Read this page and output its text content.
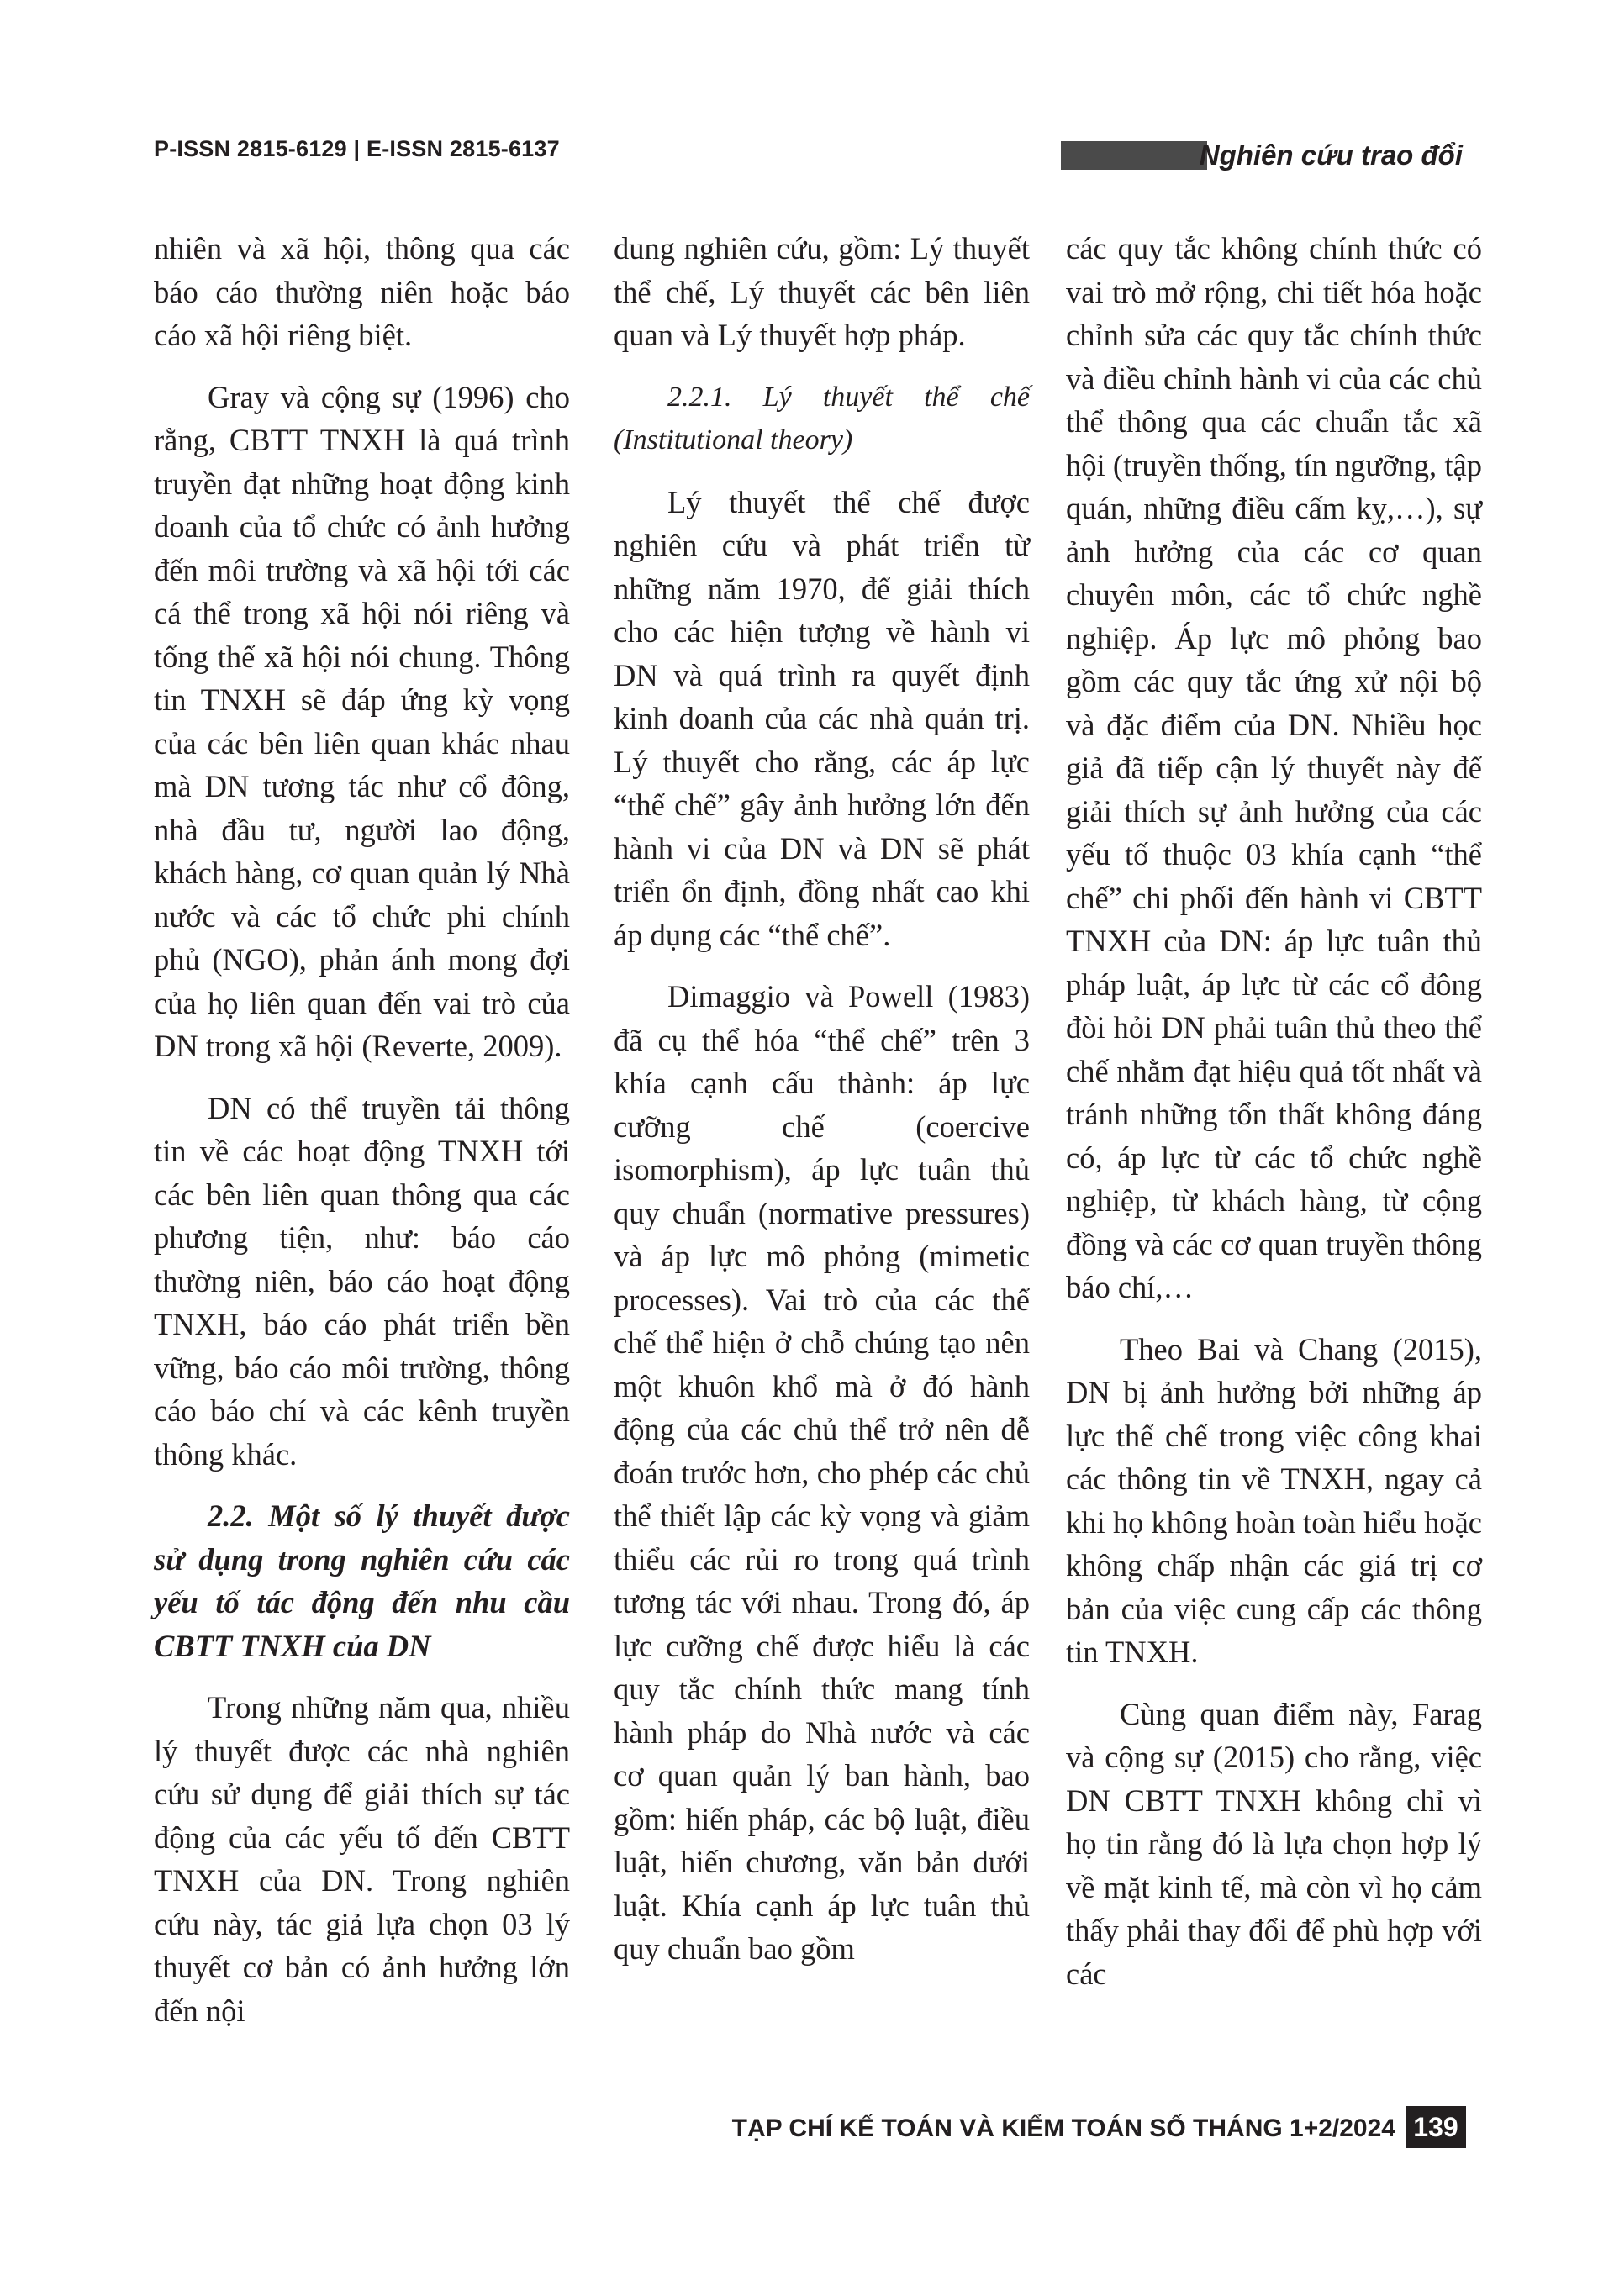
P-ISSN 2815-6129 | E-ISSN 2815-6137	Nghiên cứu trao đổi

nhiên và xã hội, thông qua các báo cáo thường niên hoặc báo cáo xã hội riêng biệt.

Gray và cộng sự (1996) cho rằng, CBTT TNXH là quá trình truyền đạt những hoạt động kinh doanh của tổ chức có ảnh hưởng đến môi trường và xã hội tới các cá thể trong xã hội nói riêng và tổng thể xã hội nói chung. Thông tin TNXH sẽ đáp ứng kỳ vọng của các bên liên quan khác nhau mà DN tương tác như cổ đông, nhà đầu tư, người lao động, khách hàng, cơ quan quản lý Nhà nước và các tổ chức phi chính phủ (NGO), phản ánh mong đợi của họ liên quan đến vai trò của DN trong xã hội (Reverte, 2009).

DN có thể truyền tải thông tin về các hoạt động TNXH tới các bên liên quan thông qua các phương tiện, như: báo cáo thường niên, báo cáo hoạt động TNXH, báo cáo phát triển bền vững, báo cáo môi trường, thông cáo báo chí và các kênh truyền thông khác.

2.2. Một số lý thuyết được sử dụng trong nghiên cứu các yếu tố tác động đến nhu cầu CBTT TNXH của DN

Trong những năm qua, nhiều lý thuyết được các nhà nghiên cứu sử dụng để giải thích sự tác động của các yếu tố đến CBTT TNXH của DN. Trong nghiên cứu này, tác giả lựa chọn 03 lý thuyết cơ bản có ảnh hưởng lớn đến nội

dung nghiên cứu, gồm: Lý thuyết thể chế, Lý thuyết các bên liên quan và Lý thuyết hợp pháp.

2.2.1. Lý thuyết thể chế (Institutional theory)

Lý thuyết thể chế được nghiên cứu và phát triển từ những năm 1970, để giải thích cho các hiện tượng về hành vi DN và quá trình ra quyết định kinh doanh của các nhà quản trị. Lý thuyết cho rằng, các áp lực “thể chế” gây ảnh hưởng lớn đến hành vi của DN và DN sẽ phát triển ổn định, đồng nhất cao khi áp dụng các “thể chế”.

Dimaggio và Powell (1983) đã cụ thể hóa “thể chế” trên 3 khía cạnh cấu thành: áp lực cưỡng chế (coercive isomorphism), áp lực tuân thủ quy chuẩn (normative pressures) và áp lực mô phỏng (mimetic processes). Vai trò của các thể chế thể hiện ở chỗ chúng tạo nên một khuôn khổ mà ở đó hành động của các chủ thể trở nên dễ đoán trước hơn, cho phép các chủ thể thiết lập các kỳ vọng và giảm thiểu các rủi ro trong quá trình tương tác với nhau. Trong đó, áp lực cưỡng chế được hiểu là các quy tắc chính thức mang tính hành pháp do Nhà nước và các cơ quan quản lý ban hành, bao gồm: hiến pháp, các bộ luật, điều luật, hiến chương, văn bản dưới luật. Khía cạnh áp lực tuân thủ quy chuẩn bao gồm

các quy tắc không chính thức có vai trò mở rộng, chi tiết hóa hoặc chỉnh sửa các quy tắc chính thức và điều chỉnh hành vi của các chủ thể thông qua các chuẩn tắc xã hội (truyền thống, tín ngưỡng, tập quán, những điều cấm kỵ,…), sự ảnh hưởng của các cơ quan chuyên môn, các tổ chức nghề nghiệp. Áp lực mô phỏng bao gồm các quy tắc ứng xử nội bộ và đặc điểm của DN. Nhiều học giả đã tiếp cận lý thuyết này để giải thích sự ảnh hưởng của các yếu tố thuộc 03 khía cạnh “thể chế” chi phối đến hành vi CBTT TNXH của DN: áp lực tuân thủ pháp luật, áp lực từ các cổ đông đòi hỏi DN phải tuân thủ theo thể chế nhằm đạt hiệu quả tốt nhất và tránh những tổn thất không đáng có, áp lực từ các tổ chức nghề nghiệp, từ khách hàng, từ cộng đồng và các cơ quan truyền thông báo chí,…

Theo Bai và Chang (2015), DN bị ảnh hưởng bởi những áp lực thể chế trong việc công khai các thông tin về TNXH, ngay cả khi họ không hoàn toàn hiểu hoặc không chấp nhận các giá trị cơ bản của việc cung cấp các thông tin TNXH.

Cùng quan điểm này, Farag và cộng sự (2015) cho rằng, việc DN CBTT TNXH không chỉ vì họ tin rằng đó là lựa chọn hợp lý về mặt kinh tế, mà còn vì họ cảm thấy phải thay đổi để phù hợp với các

TẠP CHÍ KẾ TOÁN VÀ KIỂM TOÁN SỐ THÁNG 1+2/2024 139
